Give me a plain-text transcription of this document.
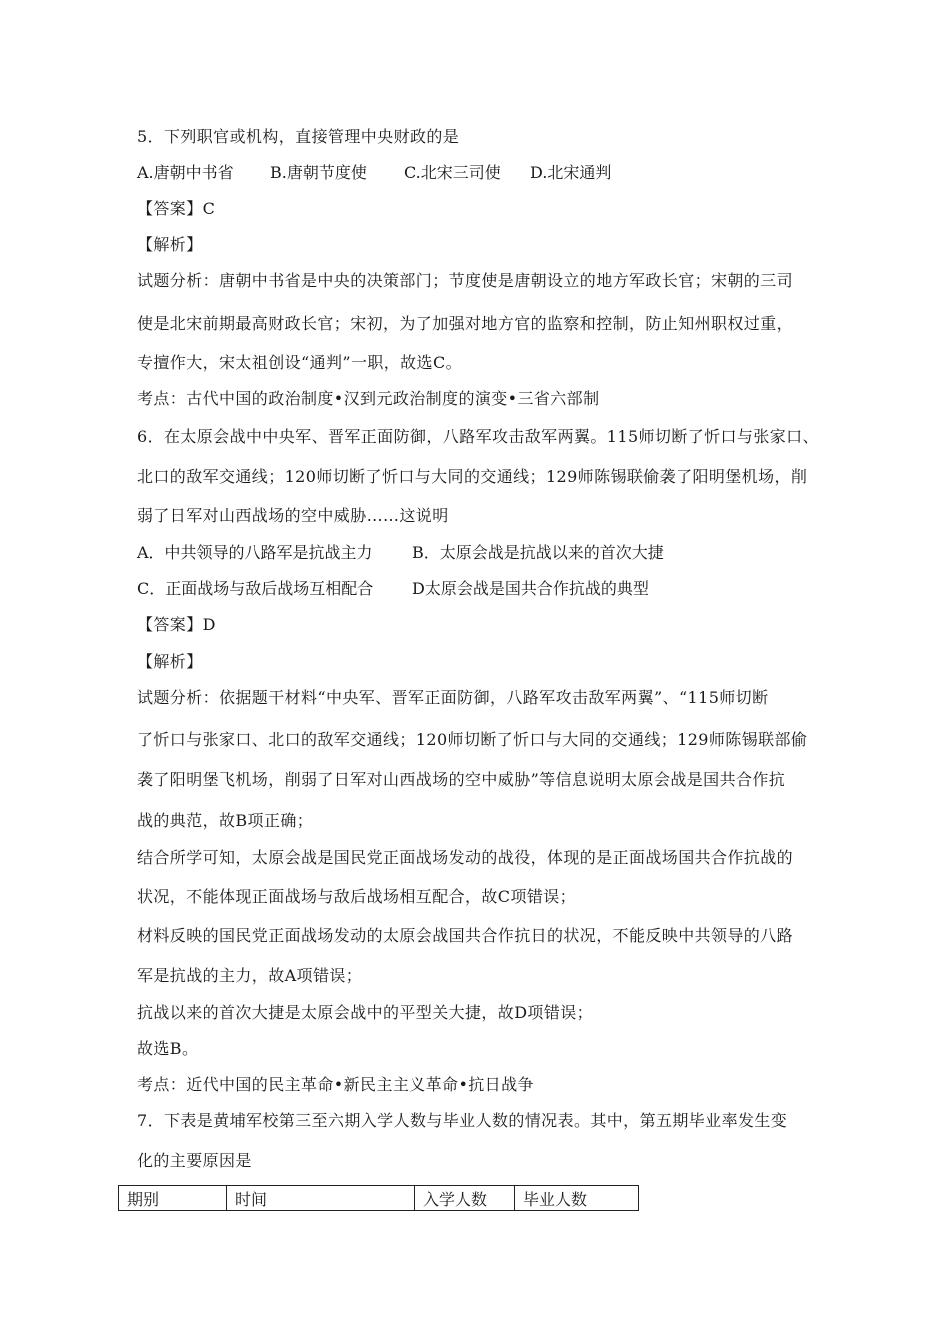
5．下列职官或机构，直接管理中央财政的是
A.唐朝中书省 B.唐朝节度使 C.北宋三司使 D.北宋通判
【答案】C
【解析】
试题分析：唐朝中书省是中央的决策部门；节度使是唐朝设立的地方军政长官；宋朝的三司
使是北宋前期最高财政长官；宋初，为了加强对地方官的监察和控制，防止知州职权过重，
专擅作大，宋太祖创设“通判”一职，故选C。
考点：古代中国的政治制度•汉到元政治制度的演变•三省六部制
6．在太原会战中中央军、晋军正面防御，八路军攻击敌军两翼。115师切断了忻口与张家口、
北口的敌军交通线；120师切断了忻口与大同的交通线；129师陈锡联偷袭了阳明堡机场，削
弱了日军对山西战场的空中威胁……这说明
A．中共领导的八路军是抗战主力 B．太原会战是抗战以来的首次大捷
C．正面战场与敌后战场互相配合 D太原会战是国共合作抗战的典型
【答案】D
【解析】
试题分析：依据题干材料“中央军、晋军正面防御，八路军攻击敌军两翼”、“115师切断
了忻口与张家口、北口的敌军交通线；120师切断了忻口与大同的交通线；129师陈锡联部偷
袭了阳明堡飞机场，削弱了日军对山西战场的空中威胁”等信息说明太原会战是国共合作抗
战的典范，故B项正确；
结合所学可知，太原会战是国民党正面战场发动的战役，体现的是正面战场国共合作抗战的
状况，不能体现正面战场与敌后战场相互配合，故C项错误；
材料反映的国民党正面战场发动的太原会战国共合作抗日的状况，不能反映中共领导的八路
军是抗战的主力，故A项错误；
抗战以来的首次大捷是太原会战中的平型关大捷，故D项错误；
故选B。
考点：近代中国的民主革命•新民主主义革命•抗日战争
7．下表是黄埔军校第三至六期入学人数与毕业人数的情况表。其中，第五期毕业率发生变
化的主要原因是
期别	时间	入学人数	毕业人数
